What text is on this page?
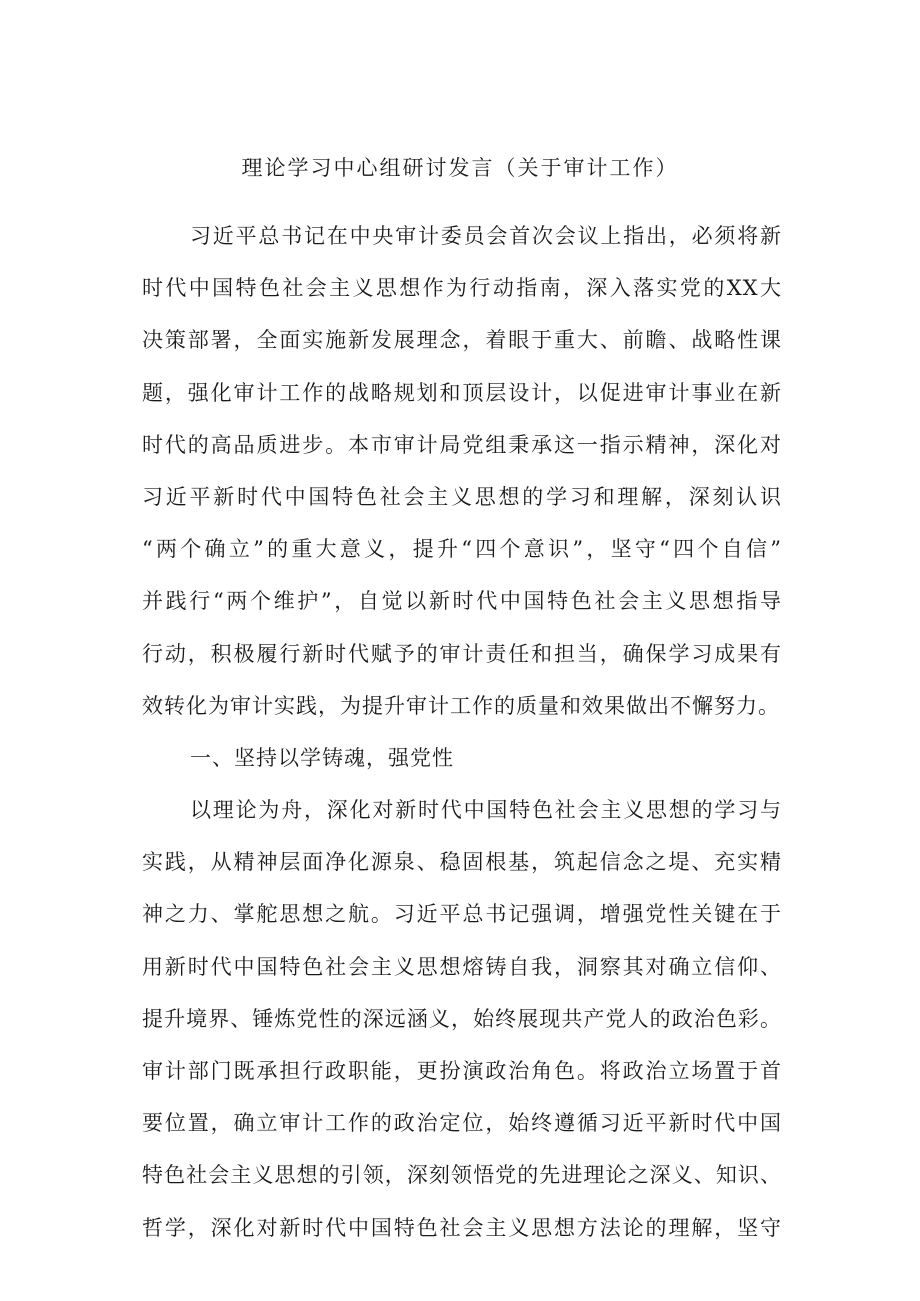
理论学习中心组研讨发言（关于审计工作）
习近平总书记在中央审计委员会首次会议上指出，必须将新
时代中国特色社会主义思想作为行动指南，深入落实党的XX大
决策部署，全面实施新发展理念，着眼于重大、前瞻、战略性课
题，强化审计工作的战略规划和顶层设计，以促进审计事业在新
时代的高品质进步。本市审计局党组秉承这一指示精神，深化对
习近平新时代中国特色社会主义思想的学习和理解，深刻认识
“两个确立”的重大意义，提升“四个意识”，坚守“四个自信”
并践行“两个维护”，自觉以新时代中国特色社会主义思想指导
行动，积极履行新时代赋予的审计责任和担当，确保学习成果有
效转化为审计实践，为提升审计工作的质量和效果做出不懈努力。
一、坚持以学铸魂，强党性
以理论为舟，深化对新时代中国特色社会主义思想的学习与
实践，从精神层面净化源泉、稳固根基，筑起信念之堤、充实精
神之力、掌舵思想之航。习近平总书记强调，增强党性关键在于
用新时代中国特色社会主义思想熔铸自我，洞察其对确立信仰、
提升境界、锤炼党性的深远涵义，始终展现共产党人的政治色彩。
审计部门既承担行政职能，更扮演政治角色。将政治立场置于首
要位置，确立审计工作的政治定位，始终遵循习近平新时代中国
特色社会主义思想的引领，深刻领悟党的先进理论之深义、知识、
哲学，深化对新时代中国特色社会主义思想方法论的理解，坚守
